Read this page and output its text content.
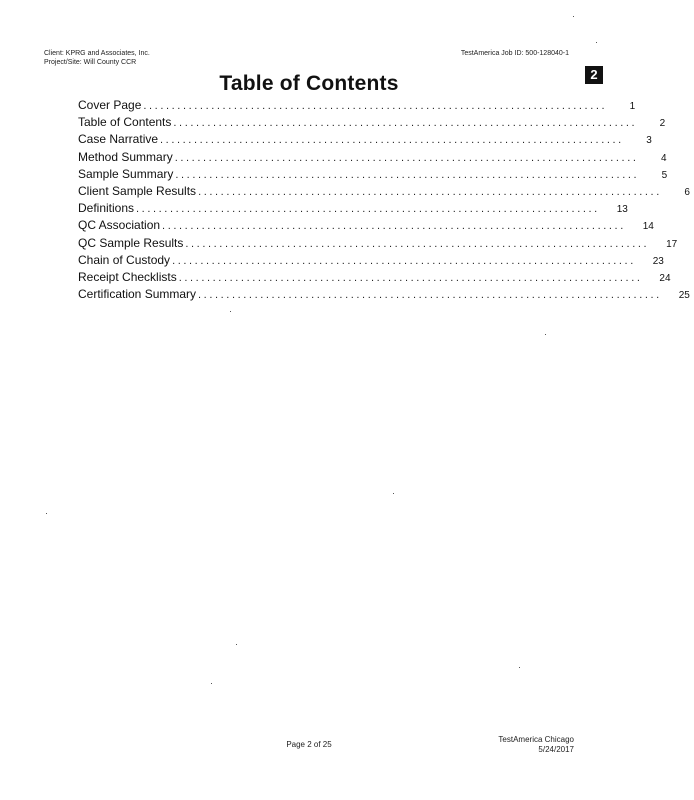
Client: KPRG and Associates, Inc.
Project/Site: Will County CCR
TestAmerica Job ID: 500-128040-1
2
Table of Contents
Cover Page ..................................................................................	1
Table of Contents ..................................................................................	2
Case Narrative ..................................................................................	3
Method Summary ..................................................................................	4
Sample Summary ..................................................................................	5
Client Sample Results ..................................................................................	6
Definitions ..................................................................................	13
QC Association ..................................................................................	14
QC Sample Results ..................................................................................	17
Chain of Custody ..................................................................................	23
Receipt Checklists ..................................................................................	24
Certification Summary ..................................................................................	25
Page 2 of 25
TestAmerica Chicago
5/24/2017
